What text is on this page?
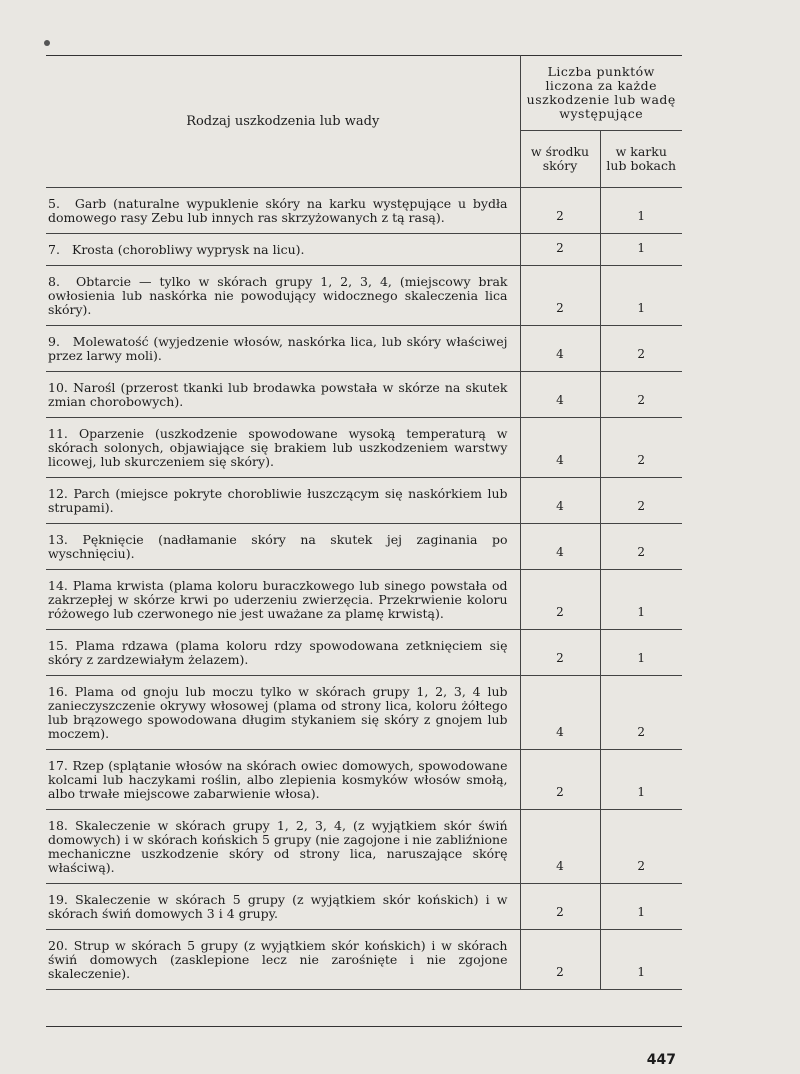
Rodzaj uszkodzenia lub wady	Liczba punktów liczona za każde uszkodzenie lub wadę występujące	
	w środku skóry	w karku lub bokach
5. Garb (naturalne wypuklenie skóry na karku występujące u bydła domowego rasy Zebu lub innych ras skrzyżowanych z tą rasą).	2	1
7. Krosta (chorobliwy wyprysk na licu).	2	1
8. Obtarcie — tylko w skórach grupy 1, 2, 3, 4, (miejscowy brak owłosienia lub naskórka nie powodujący widocznego skaleczenia lica skóry).	2	1
9. Molewatość (wyjedzenie włosów, naskórka lica, lub skóry właściwej przez larwy moli).	4	2
10. Narośl (przerost tkanki lub brodawka powstała w skórze na skutek zmian chorobowych).	4	2
11. Oparzenie (uszkodzenie spowodowane wysoką temperaturą w skórach solonych, objawiające się brakiem lub uszkodzeniem warstwy licowej, lub skurczeniem się skóry).	4	2
12. Parch (miejsce pokryte chorobliwie łuszczącym się naskórkiem lub strupami).	4	2
13. Pęknięcie (nadłamanie skóry na skutek jej zaginania po wyschnięciu).	4	2
14. Plama krwista (plama koloru buraczkowego lub sinego powstała od zakrzepłej w skórze krwi po uderzeniu zwierzęcia. Przekrwienie koloru różowego lub czerwonego nie jest uważane za plamę krwistą).	2	1
15. Plama rdzawa (plama koloru rdzy spowodowana zetknięciem się skóry z zardzewiałym żelazem).	2	1
16. Plama od gnoju lub moczu tylko w skórach grupy 1, 2, 3, 4 lub zanieczyszczenie okrywy włosowej (plama od strony lica, koloru żółtego lub brązowego spowodowana długim stykaniem się skóry z gnojem lub moczem).	4	2
17. Rzep (splątanie włosów na skórach owiec domowych, spowodowane kolcami lub haczykami roślin, albo zlepienia kosmyków włosów smołą, albo trwałe miejscowe zabarwienie włosa).	2	1
18. Skaleczenie w skórach grupy 1, 2, 3, 4, (z wyjątkiem skór świń domowych) i w skórach końskich 5 grupy (nie zagojone i nie zabliźnione mechaniczne uszkodzenie skóry od strony lica, naruszające skórę właściwą).	4	2
19. Skaleczenie w skórach 5 grupy (z wyjątkiem skór końskich) i w skórach świń domowych 3 i 4 grupy.	2	1
20. Strup w skórach 5 grupy (z wyjątkiem skór końskich) i w skórach świń domowych (zasklepione lecz nie zarośnięte i nie zgojone skaleczenie).	2	1
447
